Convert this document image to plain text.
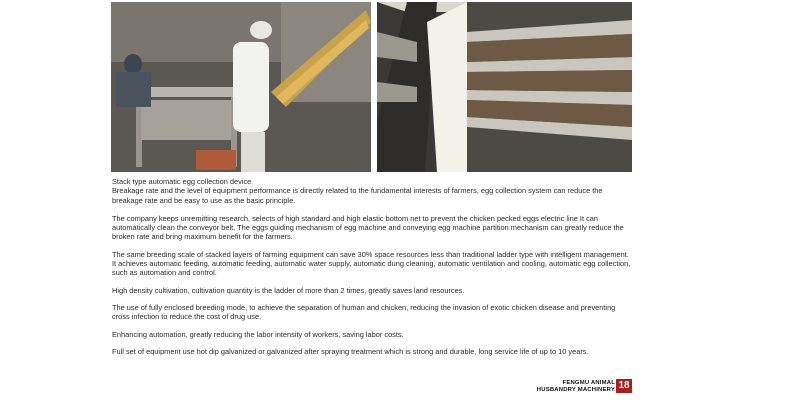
Stack type automatic egg collection device
Breakage rate and the level of equipment performance is directly related to the fundamental interests of farmers, egg collection system can reduce the breakage rate and be easy to use as the basic principle.
The company keeps unremitting research, selects of high standard and high elastic bottom net to prevent the chicken pecked eggs electric line It can automatically clean the conveyor belt. The eggs guiding mechanism of egg machine and conveying egg machine partition mechanism can greatly reduce the broken rate and bring maximum benefit for the farmers.
The same breeding scale of stacked layers of farming equipment can save 30% space resources less than traditional ladder type with intelligent management. It achieves automatic feeding, automatic feeding, automatic water supply, automatic dung cleaning, automatic ventilation and cooling, automatic egg collection, such as automation and control.
High density cultivation, cultivation quantity is the ladder of more than 2 times, greatly saves land resources.
The use of fully enclosed breeding mode, to achieve the separation of human and chicken, reducing the invasion of exotic chicken disease and preventing cross infection to reduce the cost of drug use.
Enhancing automation, greatly reducing the labor intensity of workers, saving labor costs.
Full set of equipment use hot dip galvanized or galvanized after spraying treatment which is strong and durable, long service life of up to 10 years.
FENGMU ANIMAL
HUSBANDRY MACHINERY 18
